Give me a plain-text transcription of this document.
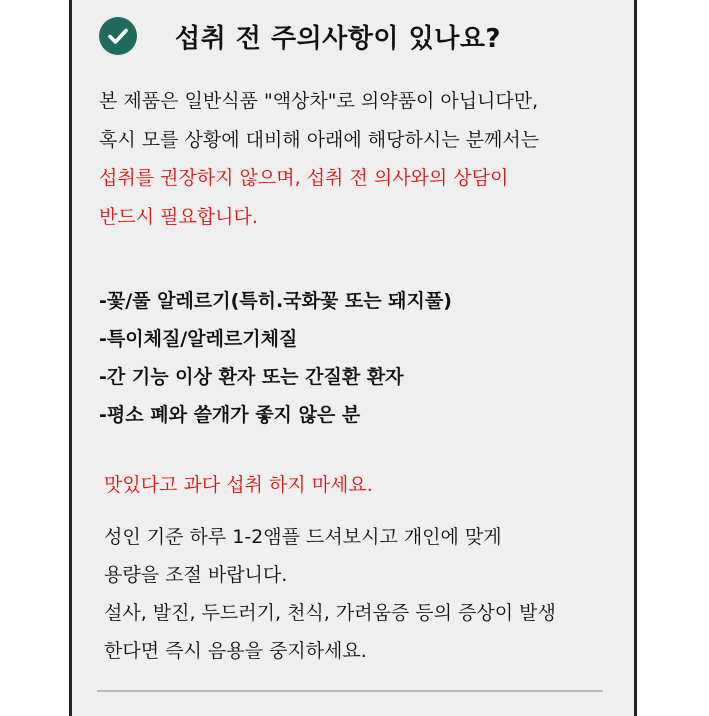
섭취 전 주의사항이 있나요?

본 제품은 일반식품 "액상차"로 의약품이 아닙니다만,

혹시 모를 상황에 대비해 아래에 해당하시는 분께서는

섭취를 권장하지 않으며, 섭취 전 의사와의 상담이

반드시 필요합니다.

-꽃/풀 알레르기(특히.국화꽃 또는 돼지풀)

-특이체질/알레르기체질

-간 기능 이상 환자 또는 간질환 환자

-평소 폐와 쓸개가 좋지 않은 분

맛있다고 과다 섭취 하지 마세요.

성인 기준 하루 1-2앰플 드셔보시고 개인에 맞게

용량을 조절 바랍니다.

설사, 발진, 두드러기, 천식, 가려움증 등의 증상이 발생

한다면 즉시 음용을 중지하세요.
